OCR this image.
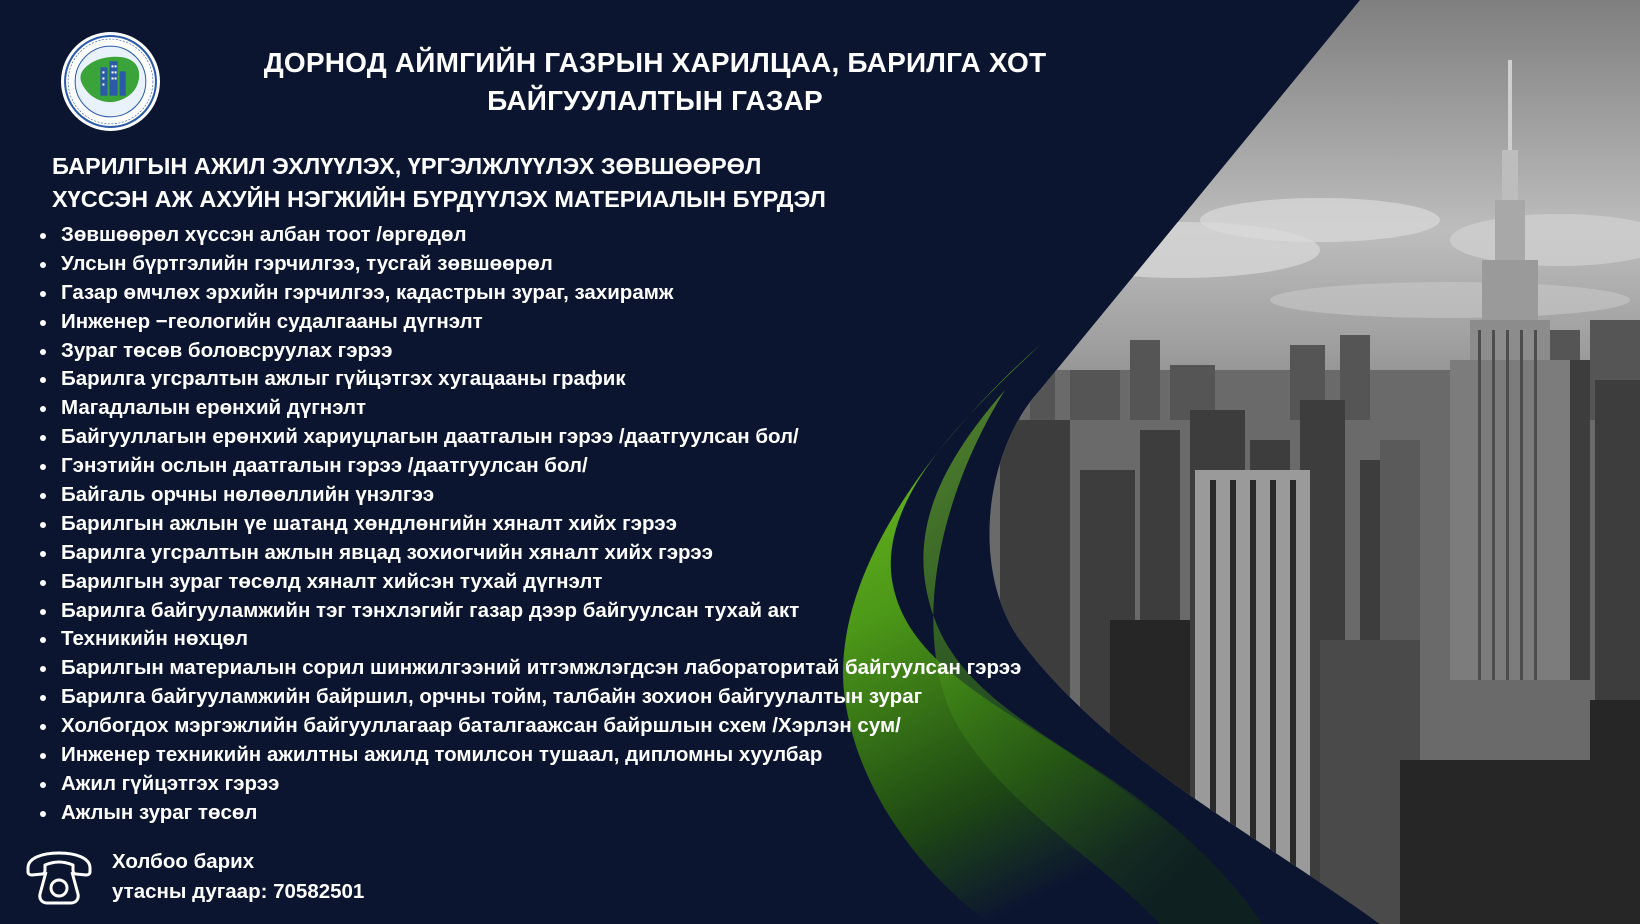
ДОРНОД АЙМГИЙН ГАЗРЫН ХАРИЛЦАА, БАРИЛГА ХОТ
БАЙГУУЛАЛТЫН ГАЗАР
БАРИЛГЫН АЖИЛ ЭХЛҮҮЛЭХ, ҮРГЭЛЖЛҮҮЛЭХ ЗӨВШӨӨРӨЛ
ХҮССЭН АЖ АХУЙН НЭГЖИЙН БҮРДҮҮЛЭХ МАТЕРИАЛЫН БҮРДЭЛ
Зөвшөөрөл хүссэн албан тоот /өргөдөл
Улсын бүртгэлийн гэрчилгээ, тусгай зөвшөөрөл
Газар өмчлөх эрхийн гэрчилгээ, кадастрын зураг, захирамж
Инженер −геологийн судалгааны дүгнэлт
Зураг төсөв боловсруулах гэрээ
Барилга угсралтын ажлыг гүйцэтгэх хугацааны график
Магадлалын ерөнхий дүгнэлт
Байгууллагын ерөнхий хариуцлагын даатгалын гэрээ /даатгуулсан бол/
Гэнэтийн ослын даатгалын гэрээ /даатгуулсан бол/
Байгаль орчны нөлөөллийн үнэлгээ
Барилгын ажлын үе шатанд хөндлөнгийн хяналт хийх гэрээ
Барилга угсралтын ажлын явцад зохиогчийн хяналт хийх гэрээ
Барилгын зураг төсөлд хяналт хийсэн тухай дүгнэлт
Барилга байгууламжийн тэг тэнхлэгийг газар дээр байгуулсан тухай акт
Техникийн нөхцөл
Барилгын материалын сорил шинжилгээний итгэмжлэгдсэн лабораторитай байгуулсан гэрээ
Барилга байгууламжийн байршил, орчны тойм, талбайн зохион байгуулалтын зураг
Холбогдох мэргэжлийн байгууллагаар баталгаажсан байршлын схем /Хэрлэн сум/
Инженер техникийн ажилтны ажилд томилсон тушаал, дипломны хуулбар
Ажил гүйцэтгэх гэрээ
Ажлын зураг төсөл
Холбоо барих
утасны дугаар: 70582501
